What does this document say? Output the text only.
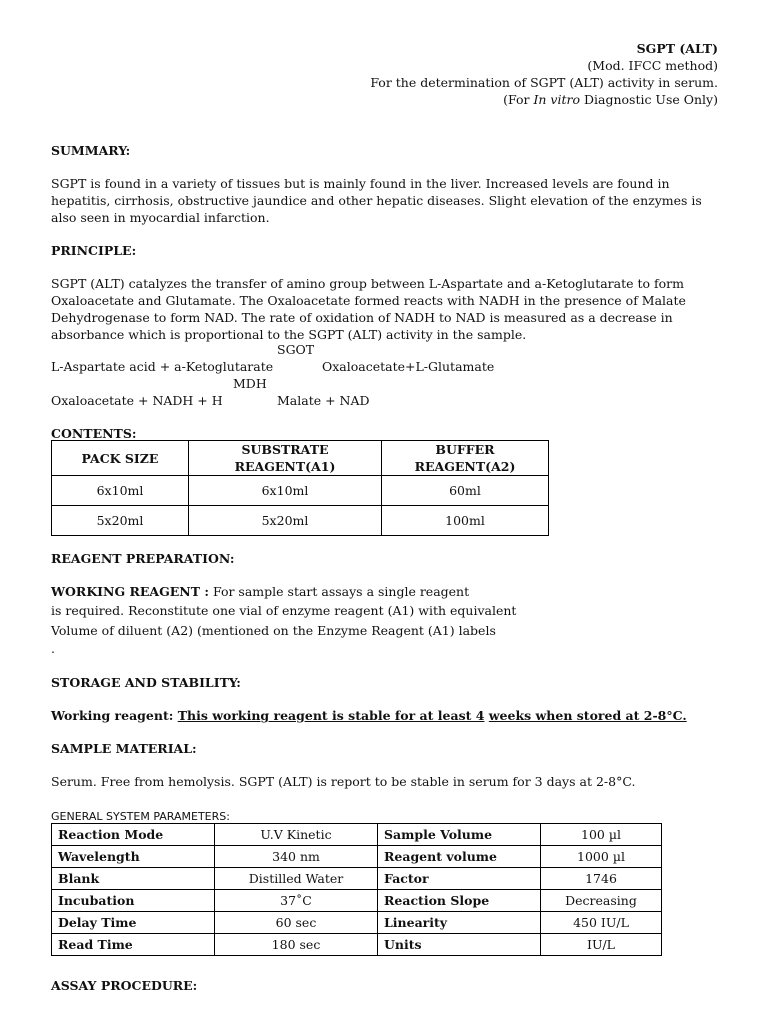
SGPT (ALT)
(Mod. IFCC method)
For the determination of SGPT (ALT) activity in serum.
(For In vitro Diagnostic Use Only)
SUMMARY:
SGPT is found in a variety of tissues but is mainly found in the liver. Increased levels are found in hepatitis, cirrhosis, obstructive jaundice and other hepatic diseases. Slight elevation of the enzymes is also seen in myocardial infarction.
PRINCIPLE:
SGPT (ALT) catalyzes the transfer of amino group between L-Aspartate and a-Ketoglutarate to form Oxaloacetate and Glutamate. The Oxaloacetate formed reacts with NADH in the presence of Malate Dehydrogenase to form NAD. The rate of oxidation of NADH to NAD is measured as a decrease in absorbance which is proportional to the SGPT (ALT) activity in the sample.
SGOT
L-Aspartate acid + a-Ketoglutarate	Oxaloacetate+L-Glutamate
MDH
Oxaloacetate + NADH + H	Malate + NAD
CONTENTS:
PACK SIZE	SUBSTRATE REAGENT(A1)	BUFFER REAGENT(A2)
6x10ml	6x10ml	60ml
5x20ml	5x20ml	100ml
REAGENT PREPARATION:
WORKING REAGENT : For sample start assays a single reagent
is required. Reconstitute one vial of enzyme reagent (A1) with equivalent
Volume of diluent (A2) (mentioned on the Enzyme Reagent (A1) labels
.
STORAGE AND STABILITY:
Working reagent: This working reagent is stable for at least 4 weeks when stored at 2-8°C.
SAMPLE MATERIAL:
Serum. Free from hemolysis. SGPT (ALT) is report to be stable in serum for 3 days at 2-8°C.
GENERAL SYSTEM PARAMETERS:
Reaction Mode	U.V Kinetic	Sample Volume	100 µl
Wavelength	340 nm	Reagent volume	1000 µl
Blank	Distilled Water	Factor	1746
Incubation	37˚C	Reaction Slope	Decreasing
Delay Time	60 sec	Linearity	450 IU/L
Read Time	180 sec	Units	IU/L
ASSAY PROCEDURE:
